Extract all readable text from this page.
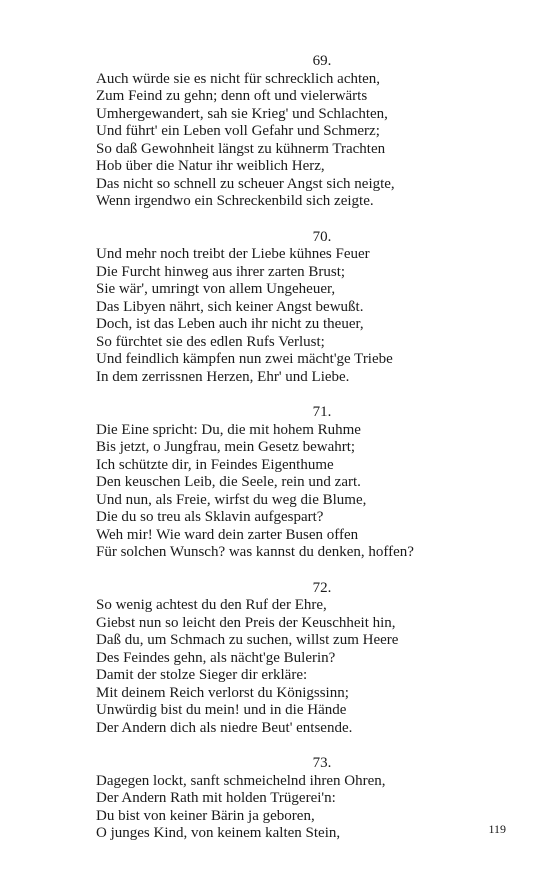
69.
Auch würde sie es nicht für schrecklich achten,
Zum Feind zu gehn; denn oft und vielerwärts
Umhergewandert, sah sie Krieg' und Schlachten,
Und führt' ein Leben voll Gefahr und Schmerz;
So daß Gewohnheit längst zu kühnerm Trachten
Hob über die Natur ihr weiblich Herz,
Das nicht so schnell zu scheuer Angst sich neigte,
Wenn irgendwo ein Schreckenbild sich zeigte.
70.
Und mehr noch treibt der Liebe kühnes Feuer
Die Furcht hinweg aus ihrer zarten Brust;
Sie wär', umringt von allem Ungeheuer,
Das Libyen nährt, sich keiner Angst bewußt.
Doch, ist das Leben auch ihr nicht zu theuer,
So fürchtet sie des edlen Rufs Verlust;
Und feindlich kämpfen nun zwei mächt'ge Triebe
In dem zerrissnen Herzen, Ehr' und Liebe.
71.
Die Eine spricht: Du, die mit hohem Ruhme
Bis jetzt, o Jungfrau, mein Gesetz bewahrt;
Ich schützte dir, in Feindes Eigenthume
Den keuschen Leib, die Seele, rein und zart.
Und nun, als Freie, wirfst du weg die Blume,
Die du so treu als Sklavin aufgespart?
Weh mir! Wie ward dein zarter Busen offen
Für solchen Wunsch? was kannst du denken, hoffen?
72.
So wenig achtest du den Ruf der Ehre,
Giebst nun so leicht den Preis der Keuschheit hin,
Daß du, um Schmach zu suchen, willst zum Heere
Des Feindes gehn, als nächt'ge Bulerin?
Damit der stolze Sieger dir erkläre:
Mit deinem Reich verlorst du Königssinn;
Unwürdig bist du mein! und in die Hände
Der Andern dich als niedre Beut' entsende.
73.
Dagegen lockt, sanft schmeichelnd ihren Ohren,
Der Andern Rath mit holden Trügerei'n:
Du bist von keiner Bärin ja geboren,
O junges Kind, von keinem kalten Stein,	119
